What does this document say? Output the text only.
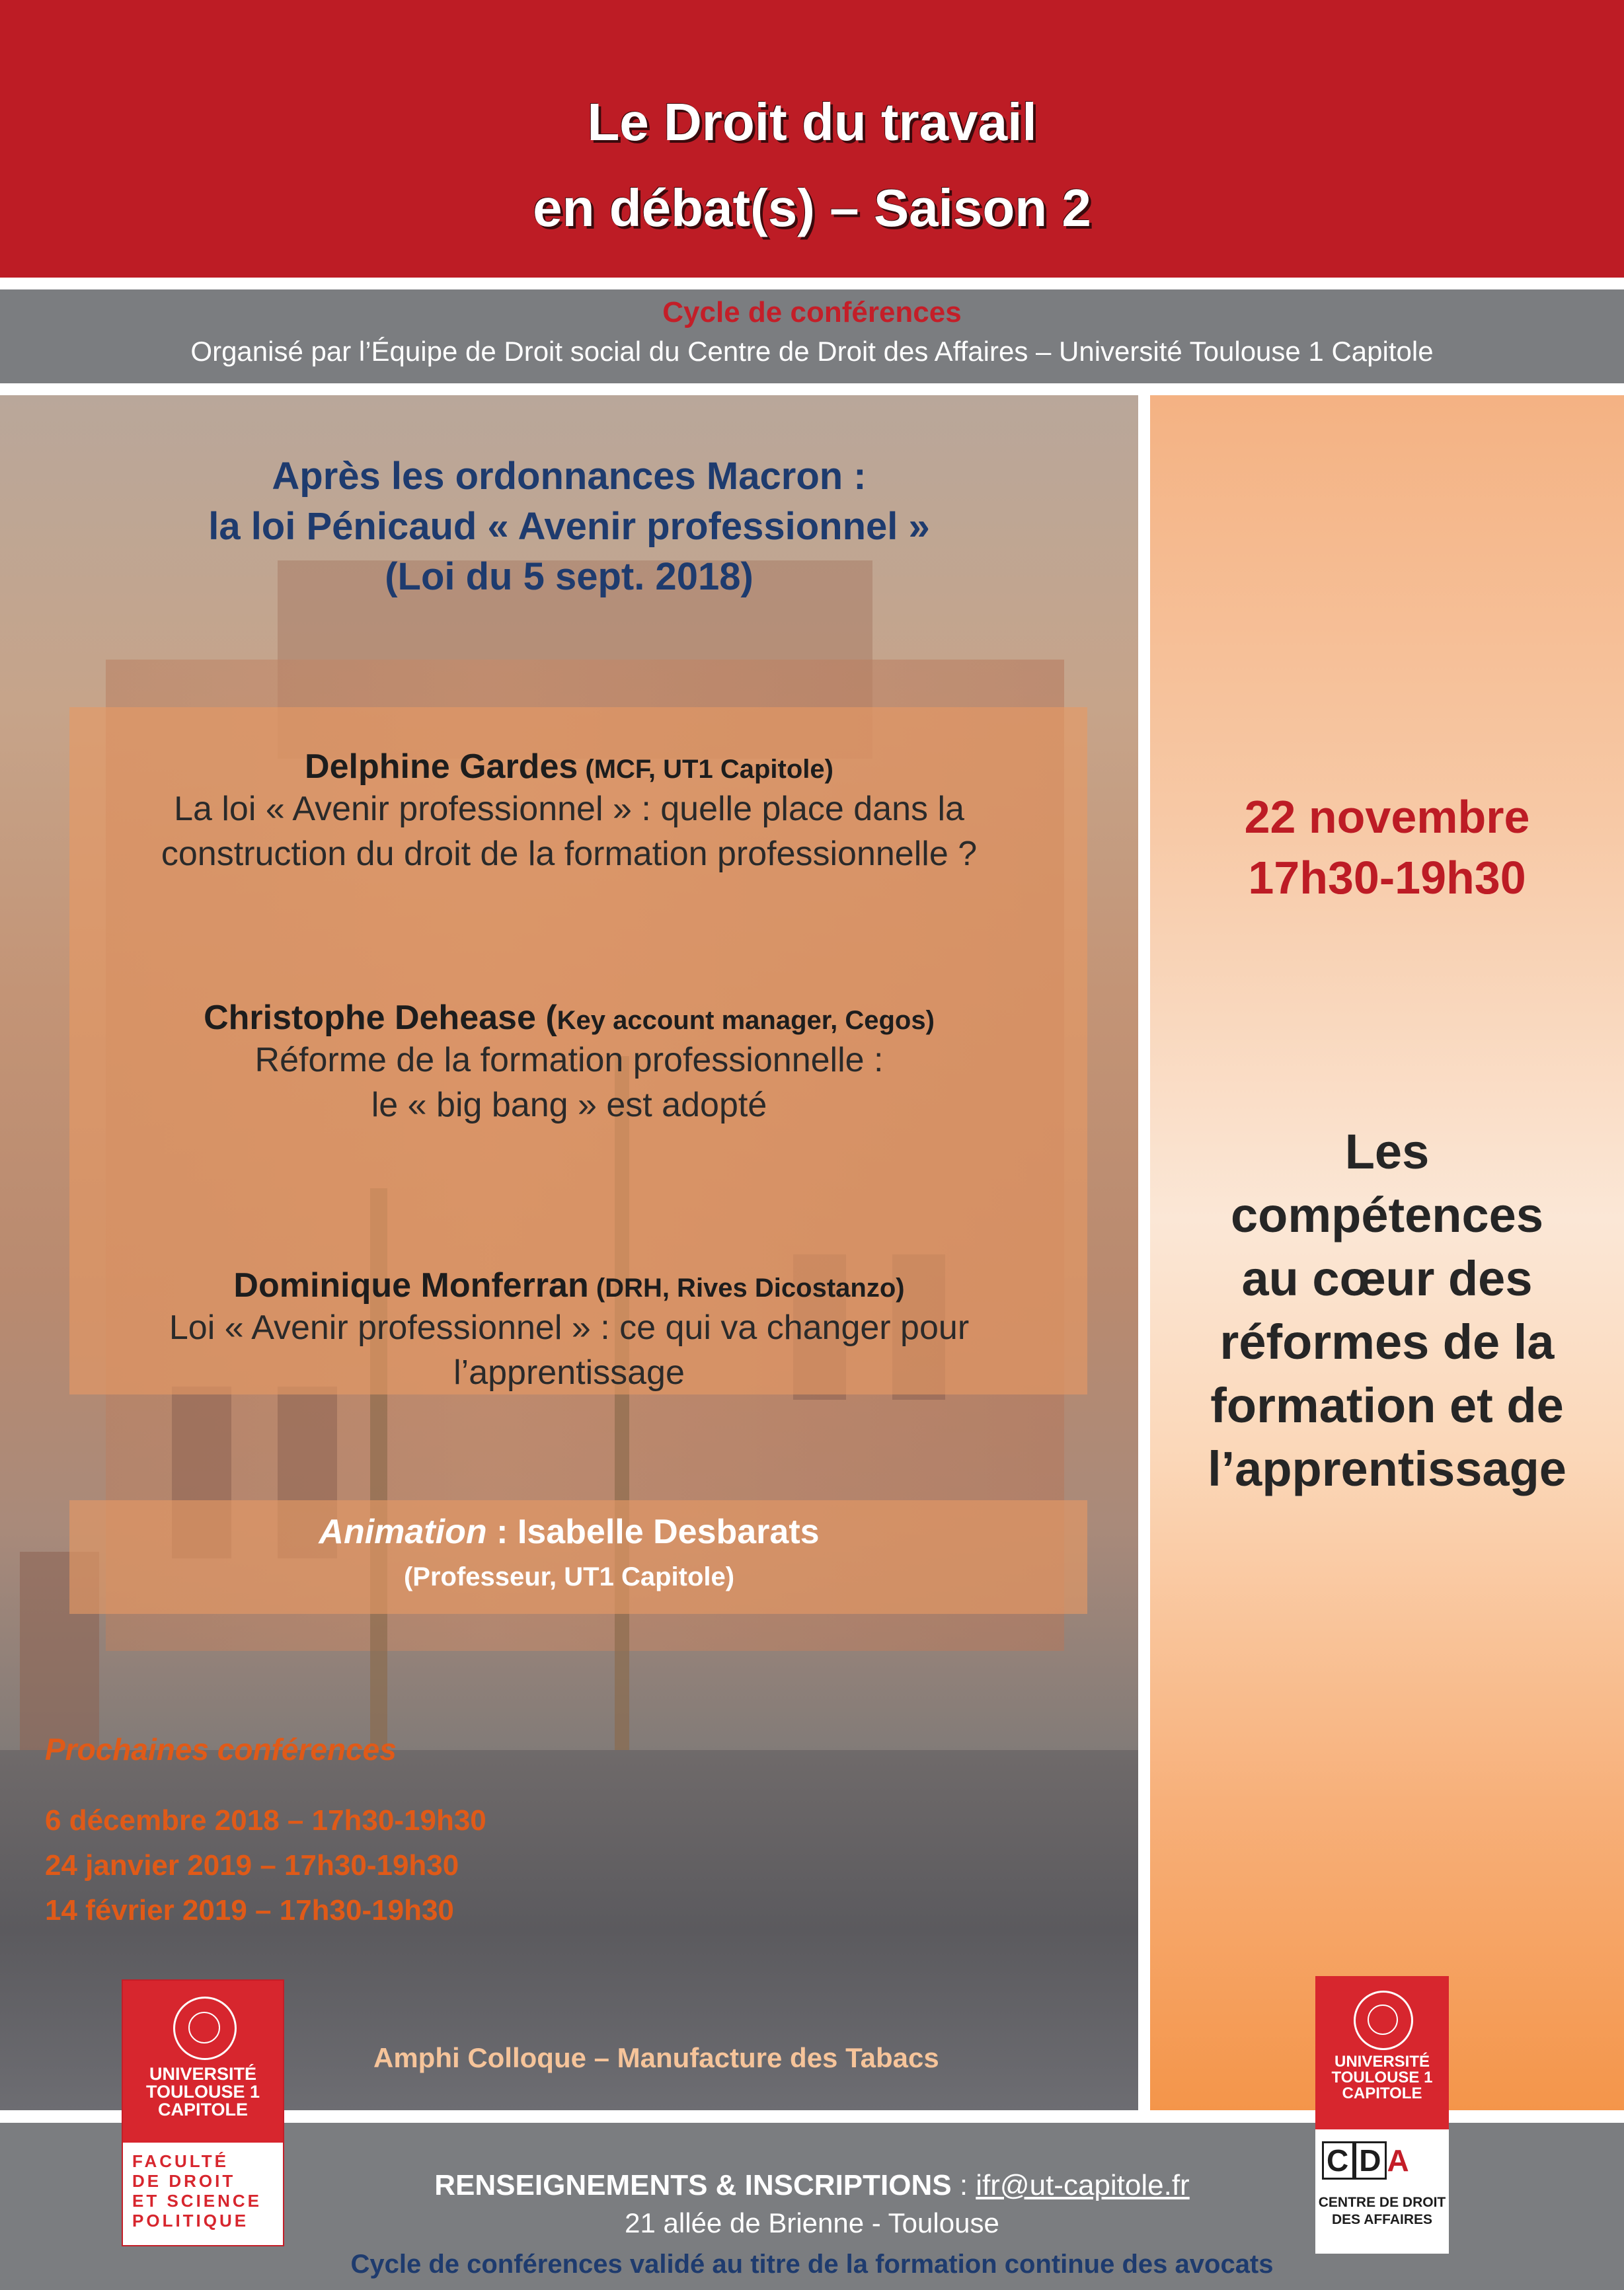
Le Droit du travail
en débat(s) – Saison 2
Cycle de conférences
Organisé par l’Équipe de Droit social du Centre de Droit des Affaires – Université Toulouse 1 Capitole
Après les ordonnances Macron :
la loi Pénicaud « Avenir professionnel »
(Loi du 5 sept. 2018)
Delphine Gardes (MCF, UT1 Capitole)
La loi « Avenir professionnel » : quelle place dans la
construction du droit de la formation professionnelle ?
Christophe Dehease (Key account manager, Cegos)
Réforme de la formation professionnelle :
le « big bang » est adopté
Dominique Monferran (DRH, Rives Dicostanzo)
Loi « Avenir professionnel » : ce qui va changer pour
l’apprentissage
Animation : Isabelle Desbarats
(Professeur, UT1 Capitole)
Prochaines conférences
6 décembre 2018 – 17h30-19h30
24 janvier 2019 – 17h30-19h30
14 février 2019 – 17h30-19h30
Amphi Colloque – Manufacture des Tabacs
22 novembre
17h30-19h30
Les
compétences
au cœur des
réformes de la
formation et de
l’apprentissage
RENSEIGNEMENTS & INSCRIPTIONS : ifr@ut-capitole.fr
21 allée de Brienne - Toulouse
Cycle de conférences validé au titre de la formation continue des avocats
UNIVERSITÉ
TOULOUSE 1
CAPITOLE
FACULTÉ
DE DROIT
ET SCIENCE
POLITIQUE
UNIVERSITÉ
TOULOUSE 1
CAPITOLE
C D A
CENTRE DE DROIT
DES AFFAIRES
